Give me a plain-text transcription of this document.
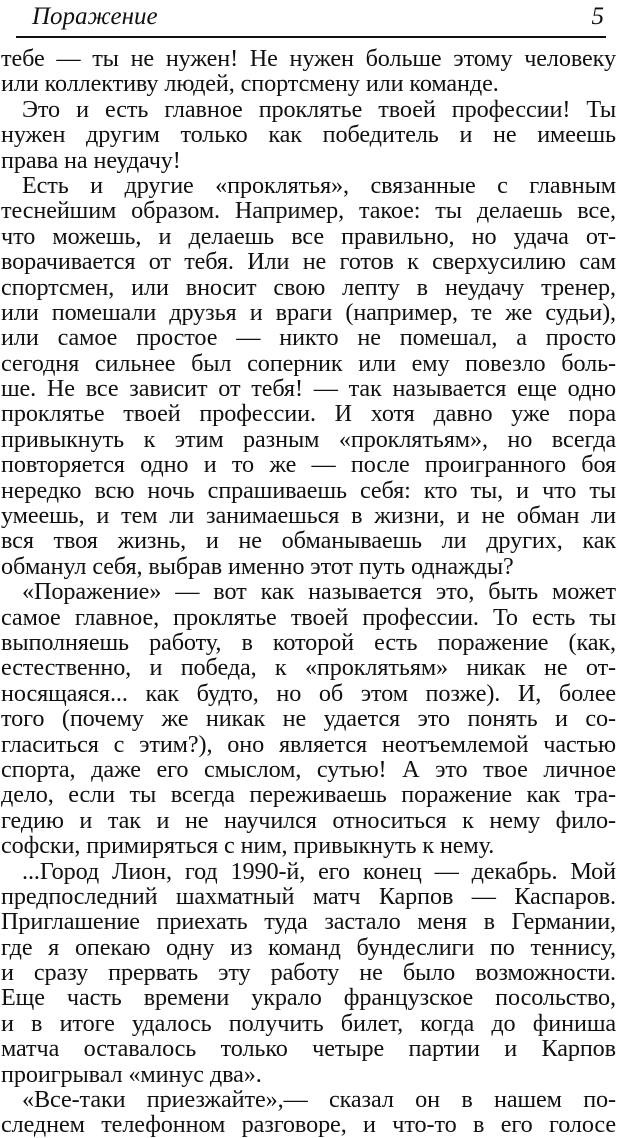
Поражение	5
тебе — ты не нужен! Не нужен больше этому человеку
или коллективу людей, спортсмену или команде.
Это и есть главное проклятье твоей профессии! Ты
нужен другим только как победитель и не имеешь
права на неудачу!
Есть и другие «проклятья», связанные с главным
теснейшим образом. Например, такое: ты делаешь все,
что можешь, и делаешь все правильно, но удача от-
ворачивается от тебя. Или не готов к сверхусилию сам
спортсмен, или вносит свою лепту в неудачу тренер,
или помешали друзья и враги (например, те же судьи),
или самое простое — никто не помешал, а просто
сегодня сильнее был соперник или ему повезло боль-
ше. Не все зависит от тебя! — так называется еще одно
проклятье твоей профессии. И хотя давно уже пора
привыкнуть к этим разным «проклятьям», но всегда
повторяется одно и то же — после проигранного боя
нередко всю ночь спрашиваешь себя: кто ты, и что ты
умеешь, и тем ли занимаешься в жизни, и не обман ли
вся твоя жизнь, и не обманываешь ли других, как
обманул себя, выбрав именно этот путь однажды?
«Поражение» — вот как называется это, быть может
самое главное, проклятье твоей профессии. То есть ты
выполняешь работу, в которой есть поражение (как,
естественно, и победа, к «проклятьям» никак не от-
носящаяся... как будто, но об этом позже). И, более
того (почему же никак не удается это понять и со-
гласиться с этим?), оно является неотъемлемой частью
спорта, даже его смыслом, сутью! А это твое личное
дело, если ты всегда переживаешь поражение как тра-
гедию и так и не научился относиться к нему фило-
софски, примиряться с ним, привыкнуть к нему.
...Город Лион, год 1990-й, его конец — декабрь. Мой
предпоследний шахматный матч Карпов — Каспаров.
Приглашение приехать туда застало меня в Германии,
где я опекаю одну из команд бундеслиги по теннису,
и сразу прервать эту работу не было возможности.
Еще часть времени украло французское посольство,
и в итоге удалось получить билет, когда до финиша
матча оставалось только четыре партии и Карпов
проигрывал «минус два».
«Все-таки приезжайте»,— сказал он в нашем по-
следнем телефонном разговоре, и что-то в его голосе
